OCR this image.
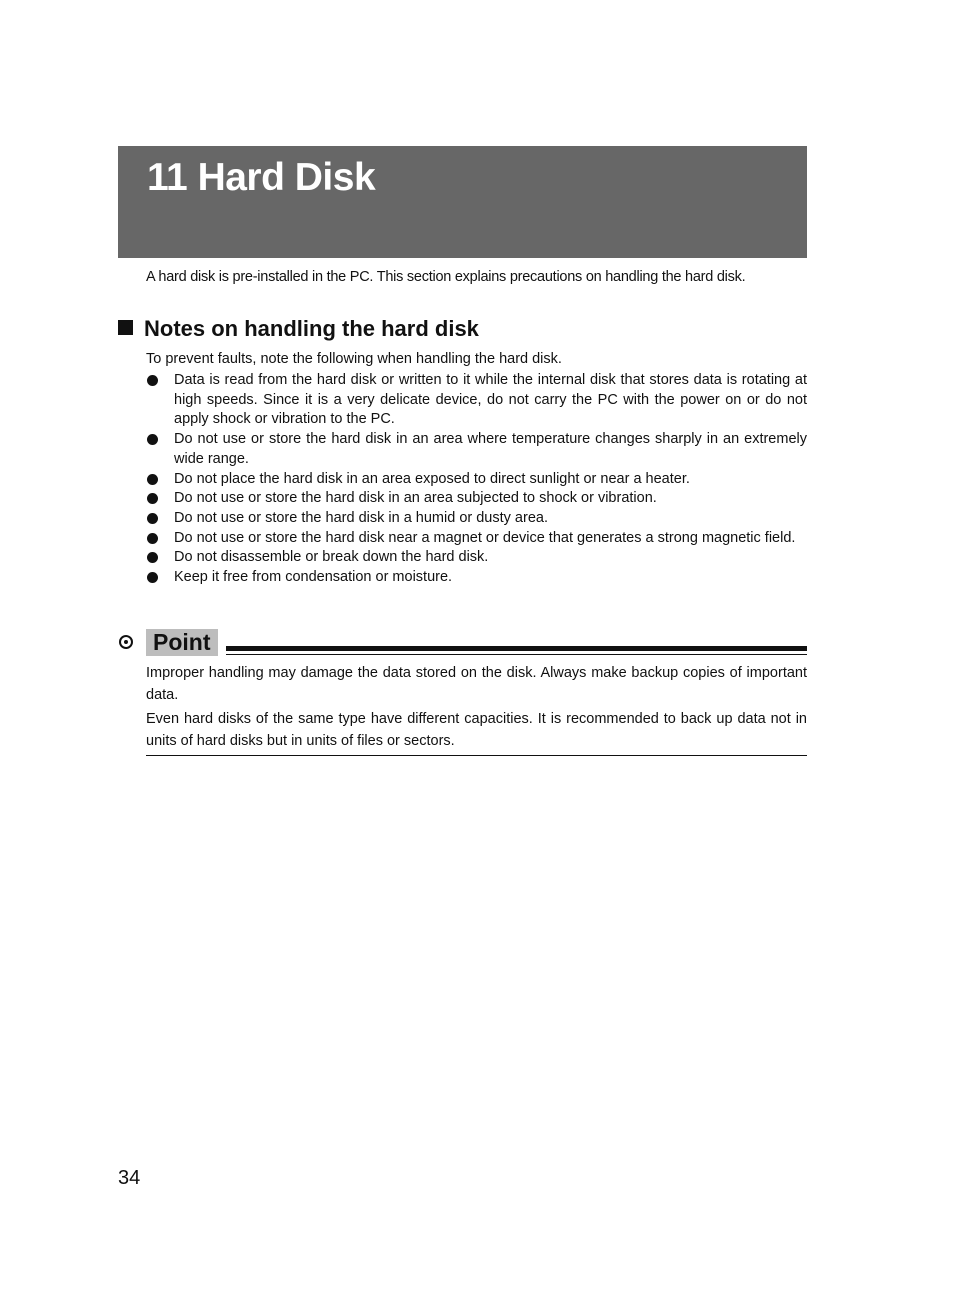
11 Hard Disk

A hard disk is pre-installed in the PC. This section explains precautions on handling the hard disk.

Notes on handling the hard disk

To prevent faults, note the following when handling the hard disk.

Data is read from the hard disk or written to it while the internal disk that stores data is rotating at high speeds. Since it is a very delicate device, do not carry the PC with the power on or do not apply shock or vibration to the PC.
Do not use or store the hard disk in an area where temperature changes sharply in an extremely wide range.
Do not place the hard disk in an area exposed to direct sunlight or near a heater.
Do not use or store the hard disk in an area subjected to shock or vibration.
Do not use or store the hard disk in a humid or dusty area.
Do not use or store the hard disk near a magnet or device that generates a strong magnetic field.
Do not disassemble or break down the hard disk.
Keep it free from condensation or moisture.
Point

Improper handling may damage the data stored on the disk. Always make backup copies of important data.

Even hard disks of the same type have different capacities. It is recommended to back up data not in units of hard disks but in units of files or sectors.

34
